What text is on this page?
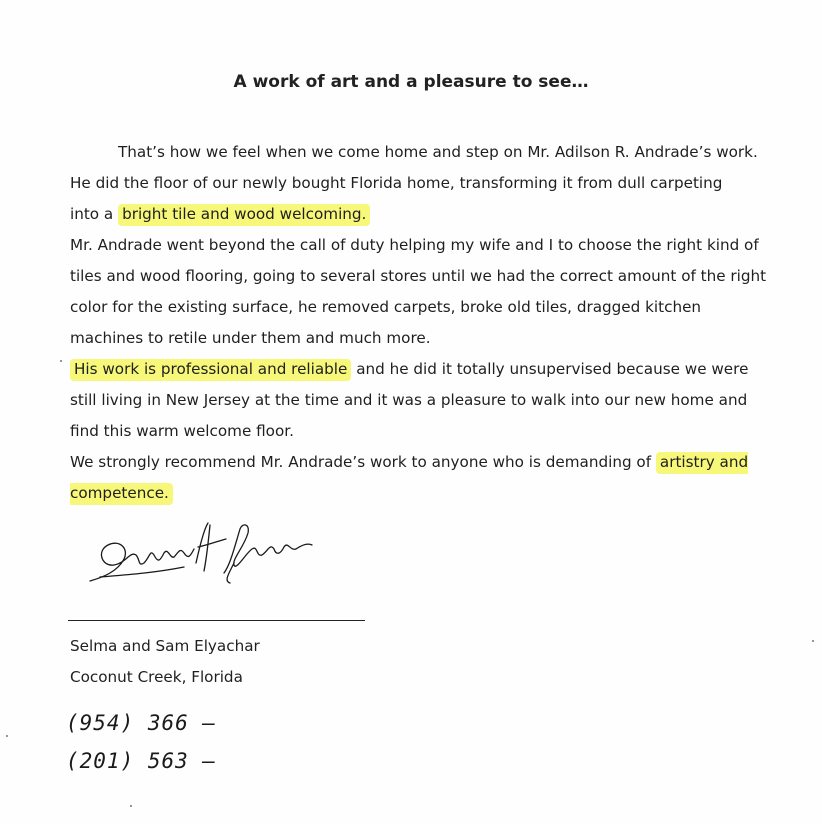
A work of art and a pleasure to see…

That’s how we feel when we come home and step on Mr. Adilson R. Andrade’s work.
He did the floor of our newly bought Florida home, transforming it from dull carpeting
into a bright tile and wood welcoming.

Mr. Andrade went beyond the call of duty helping my wife and I to choose the right kind of tiles and wood flooring, going to several stores until we had the correct amount of the right color for the existing surface, he removed carpets, broke old tiles, dragged kitchen machines to retile under them and much more.

His work is professional and reliable and he did it totally unsupervised because we were still living in New Jersey at the time and it was a pleasure to walk into our new home and find this warm welcome floor.

We strongly recommend Mr. Andrade’s work to anyone who is demanding of artistry and competence.

Selma and Sam Elyachar
Coconut Creek, Florida
(954) 366 –
(201) 563 –
